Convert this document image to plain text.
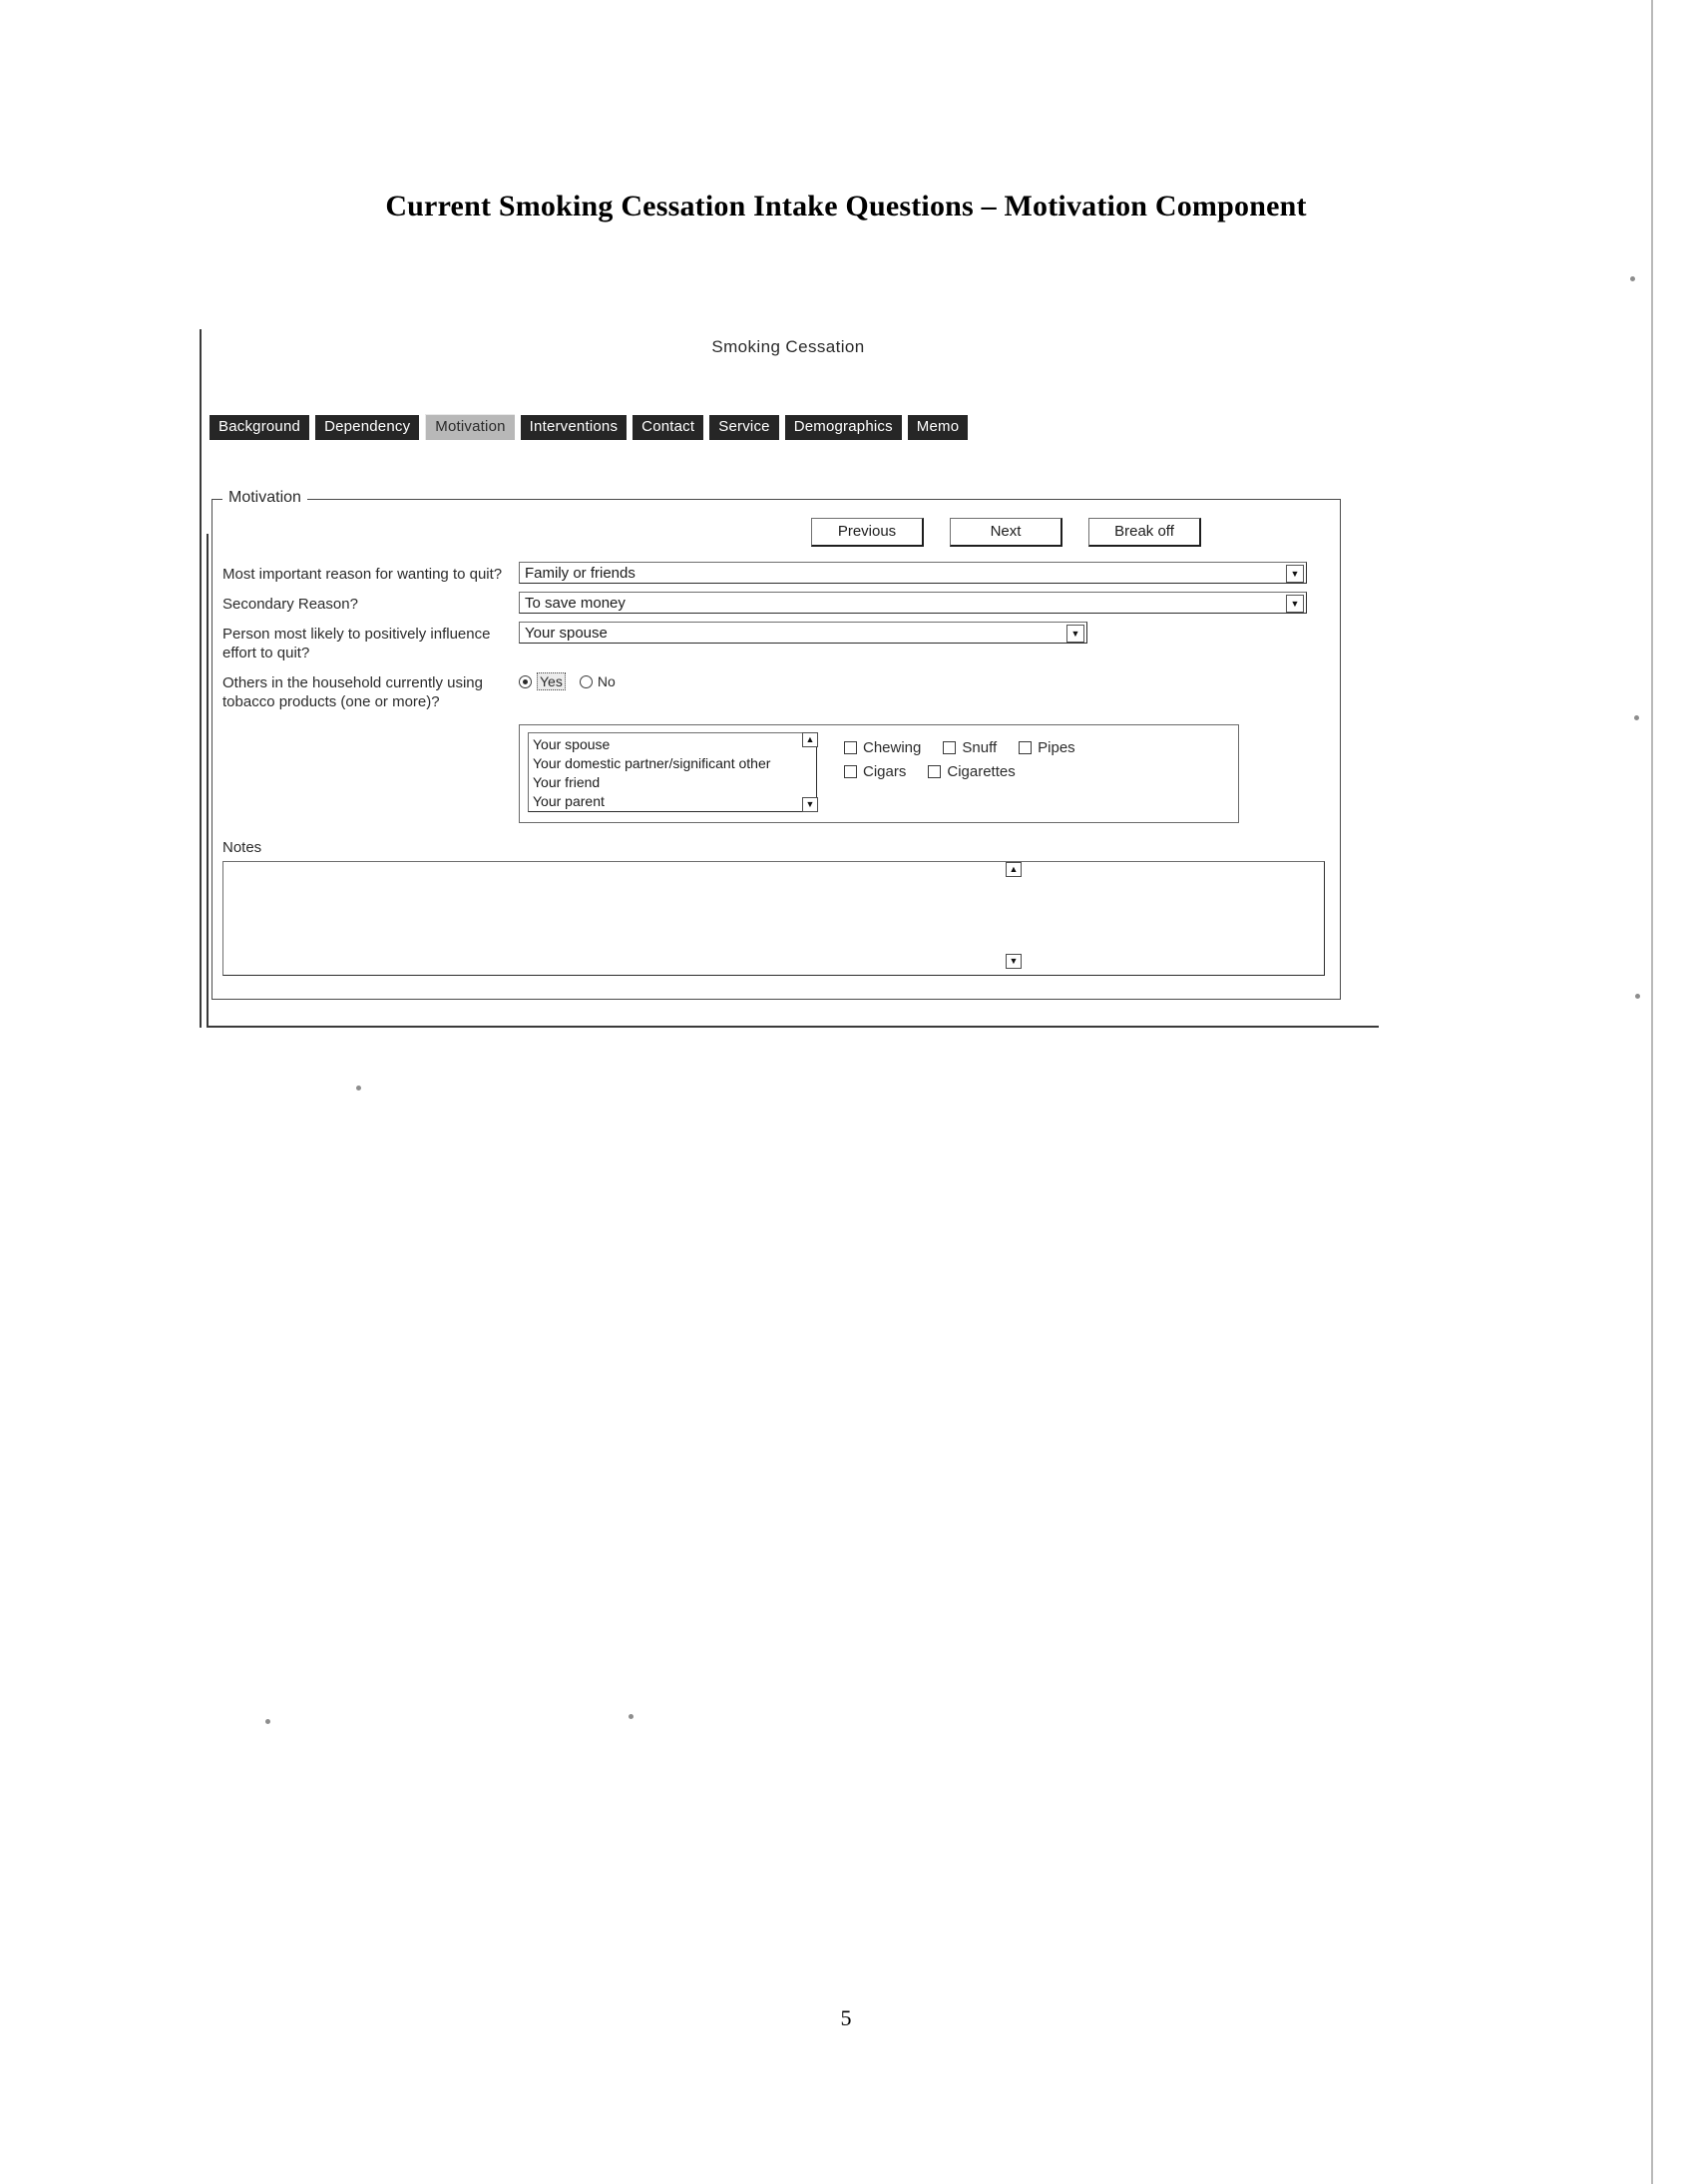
Current Smoking Cessation Intake Questions – Motivation Component
Smoking Cessation
Background	Dependency	Motivation	Interventions	Contact	Service	Demographics	Memo
Motivation
Previous	Next	Break off
Most important reason for wanting to quit?	Family or friends	▼
Secondary Reason?	To save money	▼
Person most likely to positively influence effort to quit?
Your spouse	▼
Others in the household currently using tobacco products (one or more)?
Yes	No
Your spouse
Your domestic partner/significant other
Your friend
Your parent
▲
▼
Chewing	Snuff	Pipes
Cigars	Cigarettes
Notes
▲
▼
5
